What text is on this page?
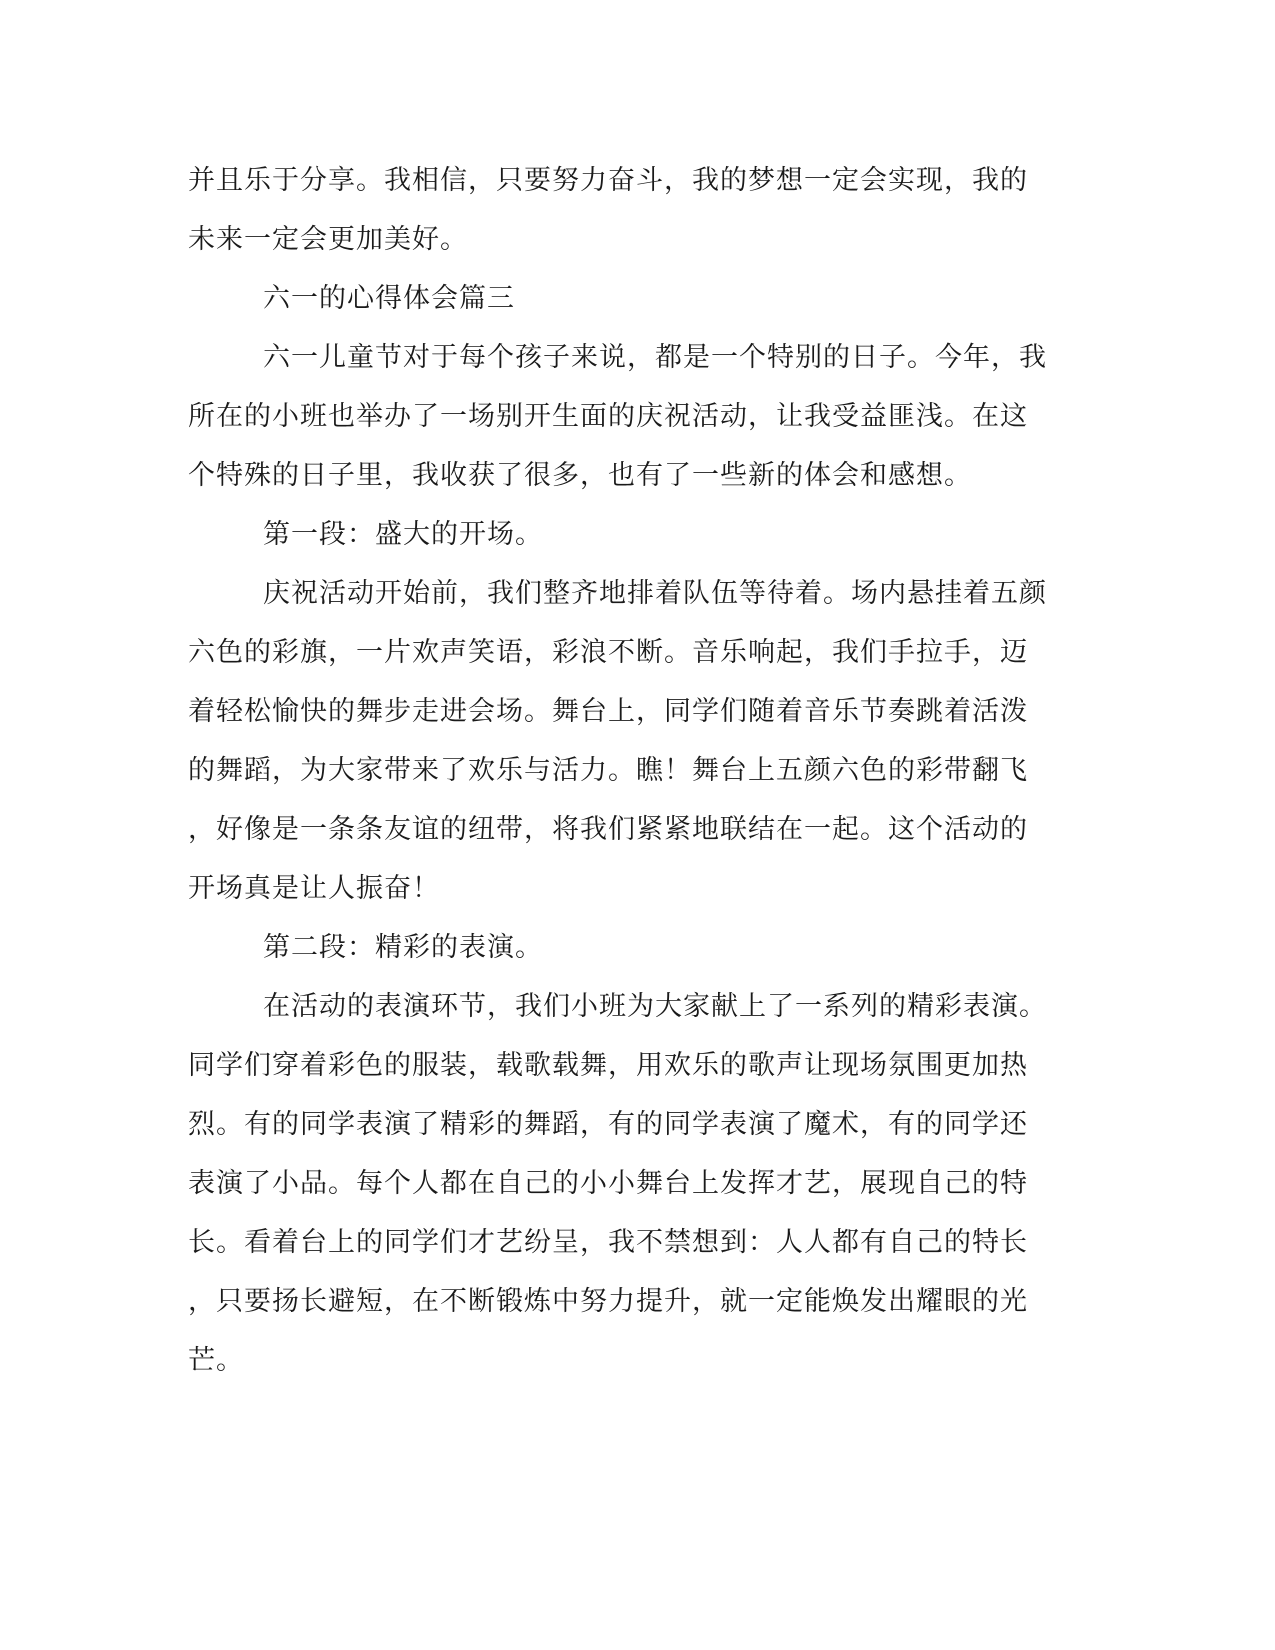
并且乐于分享。我相信，只要努力奋斗，我的梦想一定会实现，我的
未来一定会更加美好。
六一的心得体会篇三
六一儿童节对于每个孩子来说，都是一个特别的日子。今年，我
所在的小班也举办了一场别开生面的庆祝活动，让我受益匪浅。在这
个特殊的日子里，我收获了很多，也有了一些新的体会和感想。
第一段：盛大的开场。
庆祝活动开始前，我们整齐地排着队伍等待着。场内悬挂着五颜
六色的彩旗，一片欢声笑语，彩浪不断。音乐响起，我们手拉手，迈
着轻松愉快的舞步走进会场。舞台上，同学们随着音乐节奏跳着活泼
的舞蹈，为大家带来了欢乐与活力。瞧！舞台上五颜六色的彩带翻飞
，好像是一条条友谊的纽带，将我们紧紧地联结在一起。这个活动的
开场真是让人振奋！
第二段：精彩的表演。
在活动的表演环节，我们小班为大家献上了一系列的精彩表演。
同学们穿着彩色的服装，载歌载舞，用欢乐的歌声让现场氛围更加热
烈。有的同学表演了精彩的舞蹈，有的同学表演了魔术，有的同学还
表演了小品。每个人都在自己的小小舞台上发挥才艺，展现自己的特
长。看着台上的同学们才艺纷呈，我不禁想到：人人都有自己的特长
，只要扬长避短，在不断锻炼中努力提升，就一定能焕发出耀眼的光
芒。
